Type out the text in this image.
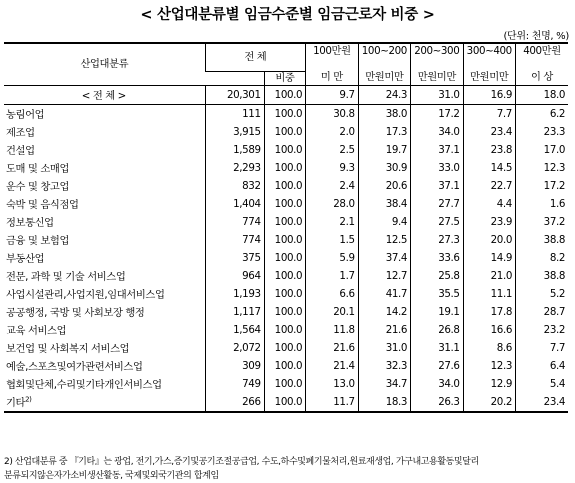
< 산업대분류별 임금수준별 임금근로자 비중 >
(단위: 천명, %)
산업대분류	전 체		100만원	100~200	200~300	300~400	400만원
		비중	미 만	만원미만	만원미만	만원미만	이 상
< 전 체 >	20,301	100.0	9.7	24.3	31.0	16.9	18.0
농림어업	111	100.0	30.8	38.0	17.2	7.7	6.2
제조업	3,915	100.0	2.0	17.3	34.0	23.4	23.3
건설업	1,589	100.0	2.5	19.7	37.1	23.8	17.0
도매 및 소매업	2,293	100.0	9.3	30.9	33.0	14.5	12.3
운수 및 창고업	832	100.0	2.4	20.6	37.1	22.7	17.2
숙박 및 음식점업	1,404	100.0	28.0	38.4	27.7	4.4	1.6
정보통신업	774	100.0	2.1	9.4	27.5	23.9	37.2
금융 및 보험업	774	100.0	1.5	12.5	27.3	20.0	38.8
부동산업	375	100.0	5.9	37.4	33.6	14.9	8.2
전문, 과학 및 기술 서비스업	964	100.0	1.7	12.7	25.8	21.0	38.8
사업시설관리,사업지원,임대서비스업	1,193	100.0	6.6	41.7	35.5	11.1	5.2
공공행정, 국방 및 사회보장 행정	1,117	100.0	20.1	14.2	19.1	17.8	28.7
교육 서비스업	1,564	100.0	11.8	21.6	26.8	16.6	23.2
보건업 및 사회복지 서비스업	2,072	100.0	21.6	31.0	31.1	8.6	7.7
예술,스포츠및여가관련서비스업	309	100.0	21.4	32.3	27.6	12.3	6.4
협회및단체,수리및기타개인서비스업	749	100.0	13.0	34.7	34.0	12.9	5.4
기타$^{2)}$	266	100.0	11.7	18.3	26.3	20.2	23.4
2) 산업대분류 중 『기타』는 광업, 전기,가스,증기및공기조절공급업, 수도,하수및폐기물처리,원료재생업, 가구내고용활동및달리
분류되지않은자가소비생산활동, 국제및외국기관의 합계임
